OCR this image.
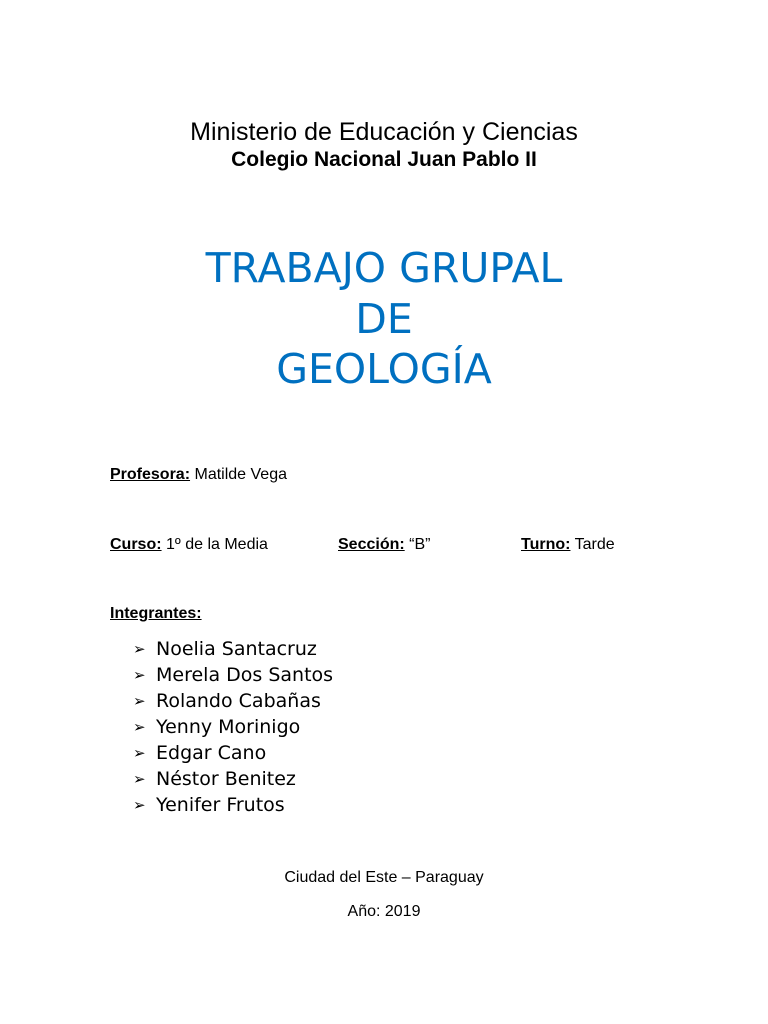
Ministerio de Educación y Ciencias
Colegio Nacional Juan Pablo II
TRABAJO GRUPAL
DE
GEOLOGÍA
Profesora: Matilde Vega
Curso: 1º de la Media	Sección: “B”	Turno: Tarde
Integrantes:
➢ Noelia Santacruz
➢ Merela Dos Santos
➢ Rolando Cabañas
➢ Yenny Morinigo
➢ Edgar Cano
➢ Néstor Benitez
➢ Yenifer Frutos
Ciudad del Este – Paraguay
Año: 2019
